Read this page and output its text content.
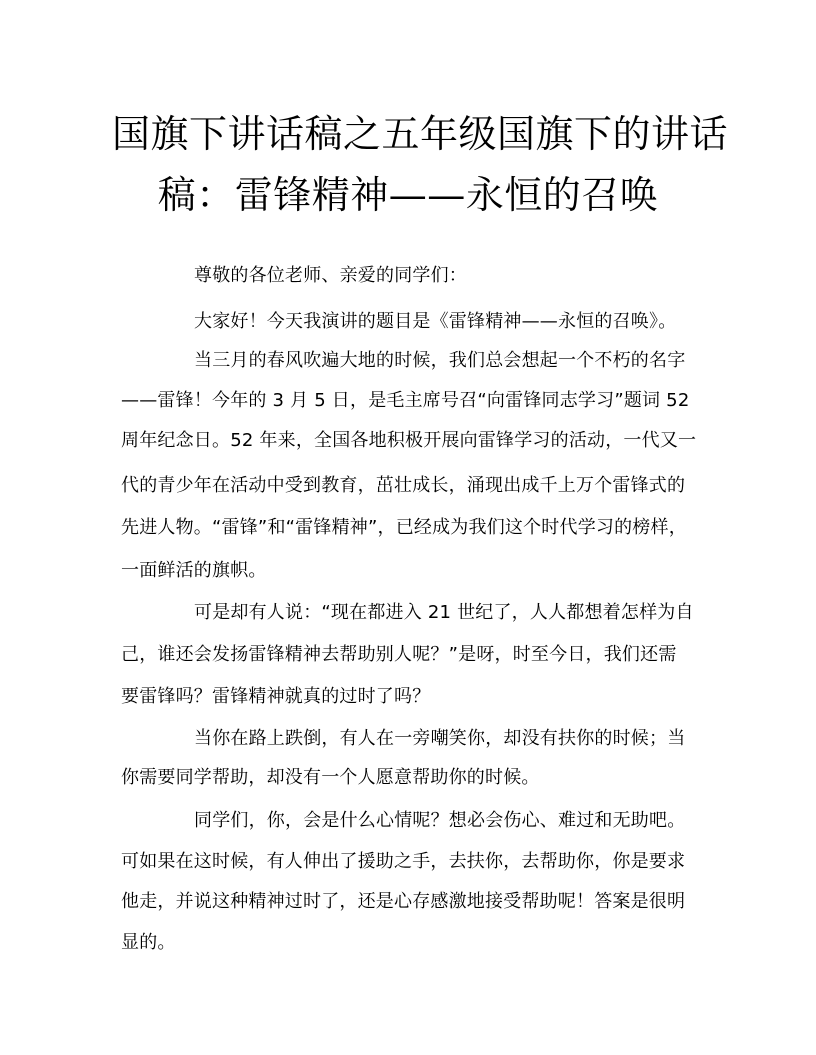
国旗下讲话稿之五年级国旗下的讲话
稿：雷锋精神——永恒的召唤
尊敬的各位老师、亲爱的同学们：
大家好！今天我演讲的题目是《雷锋精神——永恒的召唤》。
当三月的春风吹遍大地的时候，我们总会想起一个不朽的名字
——雷锋！今年的 3 月 5 日，是毛主席号召“向雷锋同志学习”题词 52
周年纪念日。52 年来，全国各地积极开展向雷锋学习的活动，一代又一
代的青少年在活动中受到教育，茁壮成长，涌现出成千上万个雷锋式的
先进人物。“雷锋”和“雷锋精神”，已经成为我们这个时代学习的榜样，
一面鲜活的旗帜。
可是却有人说：“现在都进入 21 世纪了，人人都想着怎样为自
己，谁还会发扬雷锋精神去帮助别人呢？”是呀，时至今日，我们还需
要雷锋吗？雷锋精神就真的过时了吗？
当你在路上跌倒，有人在一旁嘲笑你，却没有扶你的时候；当
你需要同学帮助，却没有一个人愿意帮助你的时候。
同学们，你，会是什么心情呢？想必会伤心、难过和无助吧。
可如果在这时候，有人伸出了援助之手，去扶你，去帮助你，你是要求
他走，并说这种精神过时了，还是心存感激地接受帮助呢！答案是很明
显的。
